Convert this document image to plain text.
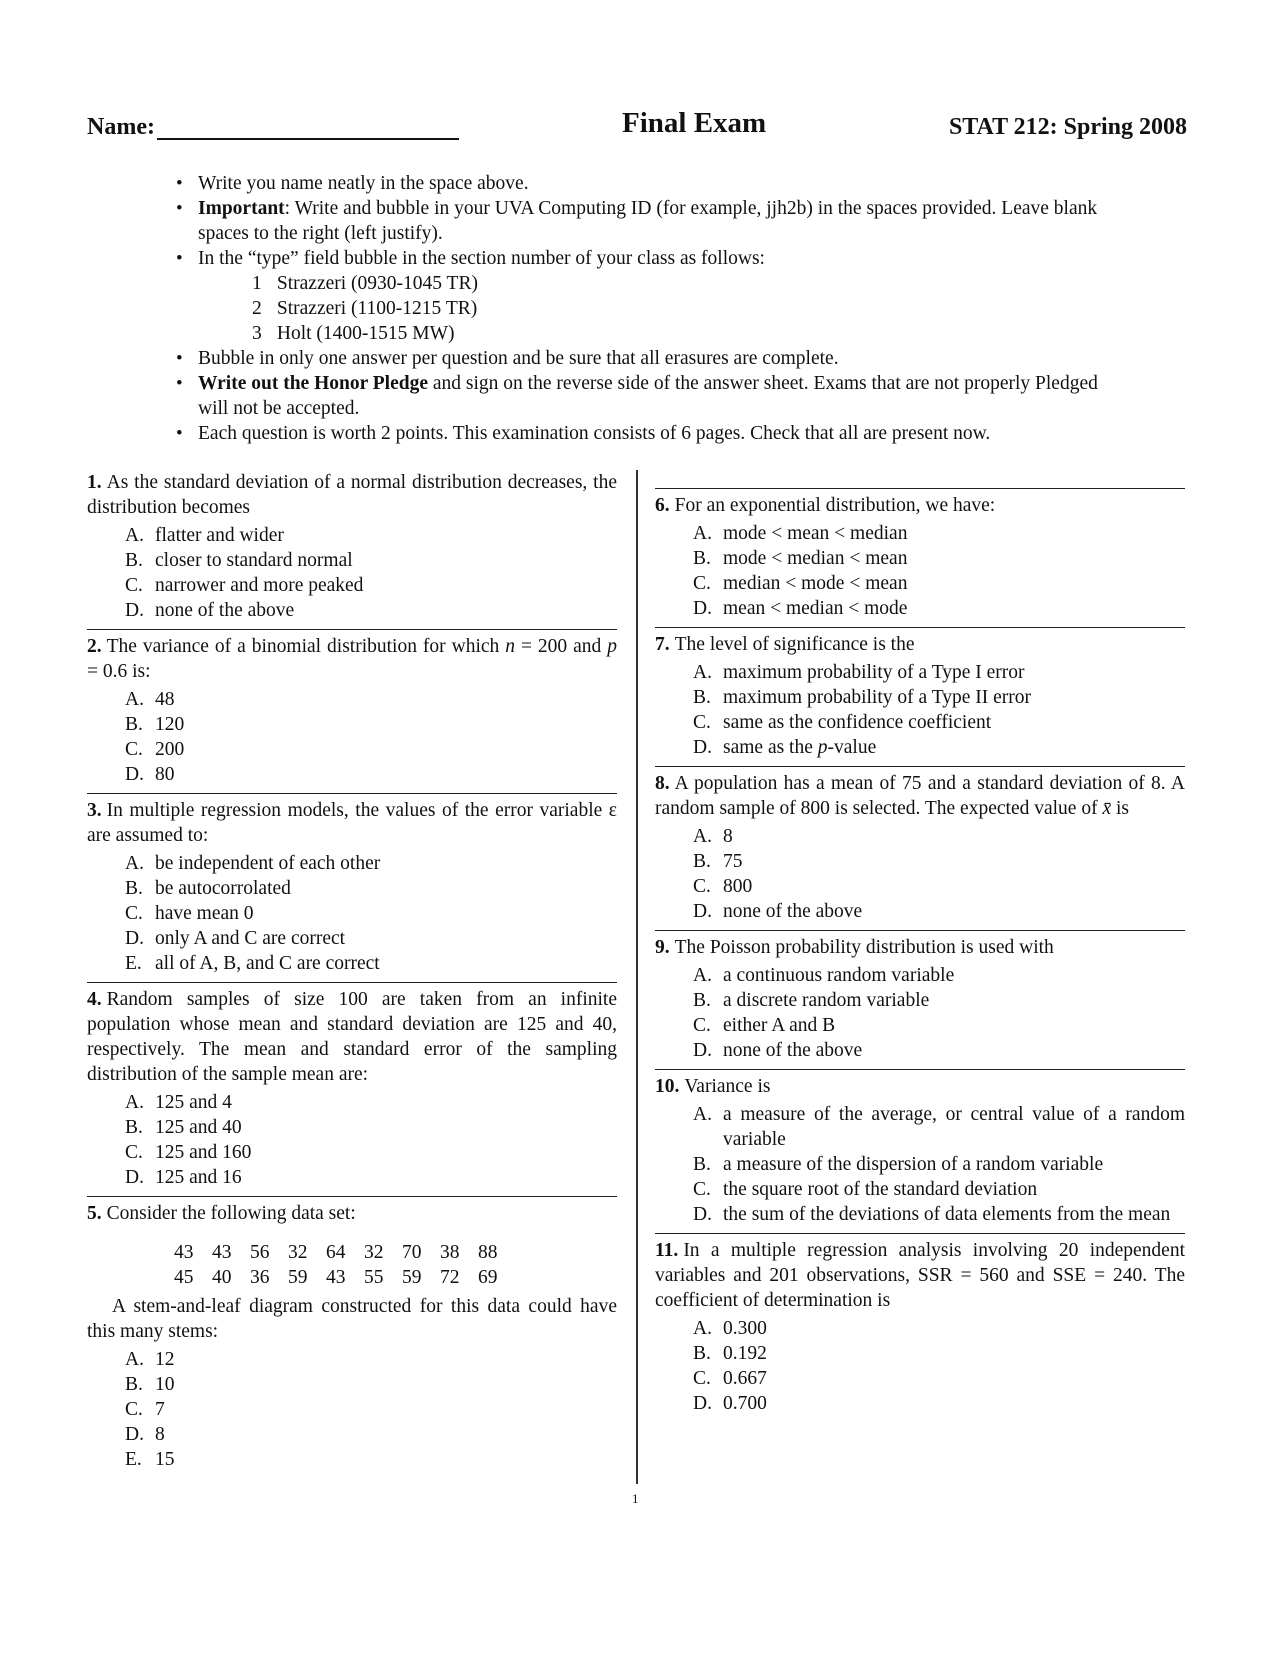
Name:	Final Exam	STAT 212: Spring 2008
• Write you name neatly in the space above.
• Important: Write and bubble in your UVA Computing ID (for example, jjh2b) in the spaces provided. Leave blank spaces to the right (left justify).
• In the “type” field bubble in the section number of your class as follows:
1 Strazzeri (0930-1045 TR)
2 Strazzeri (1100-1215 TR)
3 Holt (1400-1515 MW)
• Bubble in only one answer per question and be sure that all erasures are complete.
• Write out the Honor Pledge and sign on the reverse side of the answer sheet. Exams that are not properly Pledged will not be accepted.
• Each question is worth 2 points. This examination consists of 6 pages. Check that all are present now.

1. As the standard deviation of a normal distribution decreases, the distribution becomes

A. flatter and wider
B. closer to standard normal
C. narrower and more peaked
D. none of the above

2. The variance of a binomial distribution for which n = 200 and p = 0.6 is:

A. 48
B. 120
C. 200
D. 80

3. In multiple regression models, the values of the error variable ε are assumed to:

A. be independent of each other
B. be autocorrolated
C. have mean 0
D. only A and C are correct
E. all of A, B, and C are correct

4. Random samples of size 100 are taken from an infinite population whose mean and standard deviation are 125 and 40, respectively. The mean and standard error of the sampling distribution of the sample mean are:

A. 125 and 4
B. 125 and 40
C. 125 and 160
D. 125 and 16

5. Consider the following data set:

43 43 56 32 64 32 70 38 88
45 40 36 59 43 55 59 72 69

A stem-and-leaf diagram constructed for this data could have this many stems:

A. 12
B. 10
C. 7
D. 8
E. 15

6. For an exponential distribution, we have:

A. mode < mean < median
B. mode < median < mean
C. median < mode < mean
D. mean < median < mode

7. The level of significance is the

A. maximum probability of a Type I error
B. maximum probability of a Type II error
C. same as the confidence coefficient
D. same as the p-value

8. A population has a mean of 75 and a standard deviation of 8. A random sample of 800 is selected. The expected value of x̄ is

A. 8
B. 75
C. 800
D. none of the above

9. The Poisson probability distribution is used with

A. a continuous random variable
B. a discrete random variable
C. either A and B
D. none of the above

10. Variance is

A. a measure of the average, or central value of a random variable
B. a measure of the dispersion of a random variable
C. the square root of the standard deviation
D. the sum of the deviations of data elements from the mean

11. In a multiple regression analysis involving 20 independent variables and 201 observations, SSR = 560 and SSE = 240. The coefficient of determination is

A. 0.300
B. 0.192
C. 0.667
D. 0.700
1
